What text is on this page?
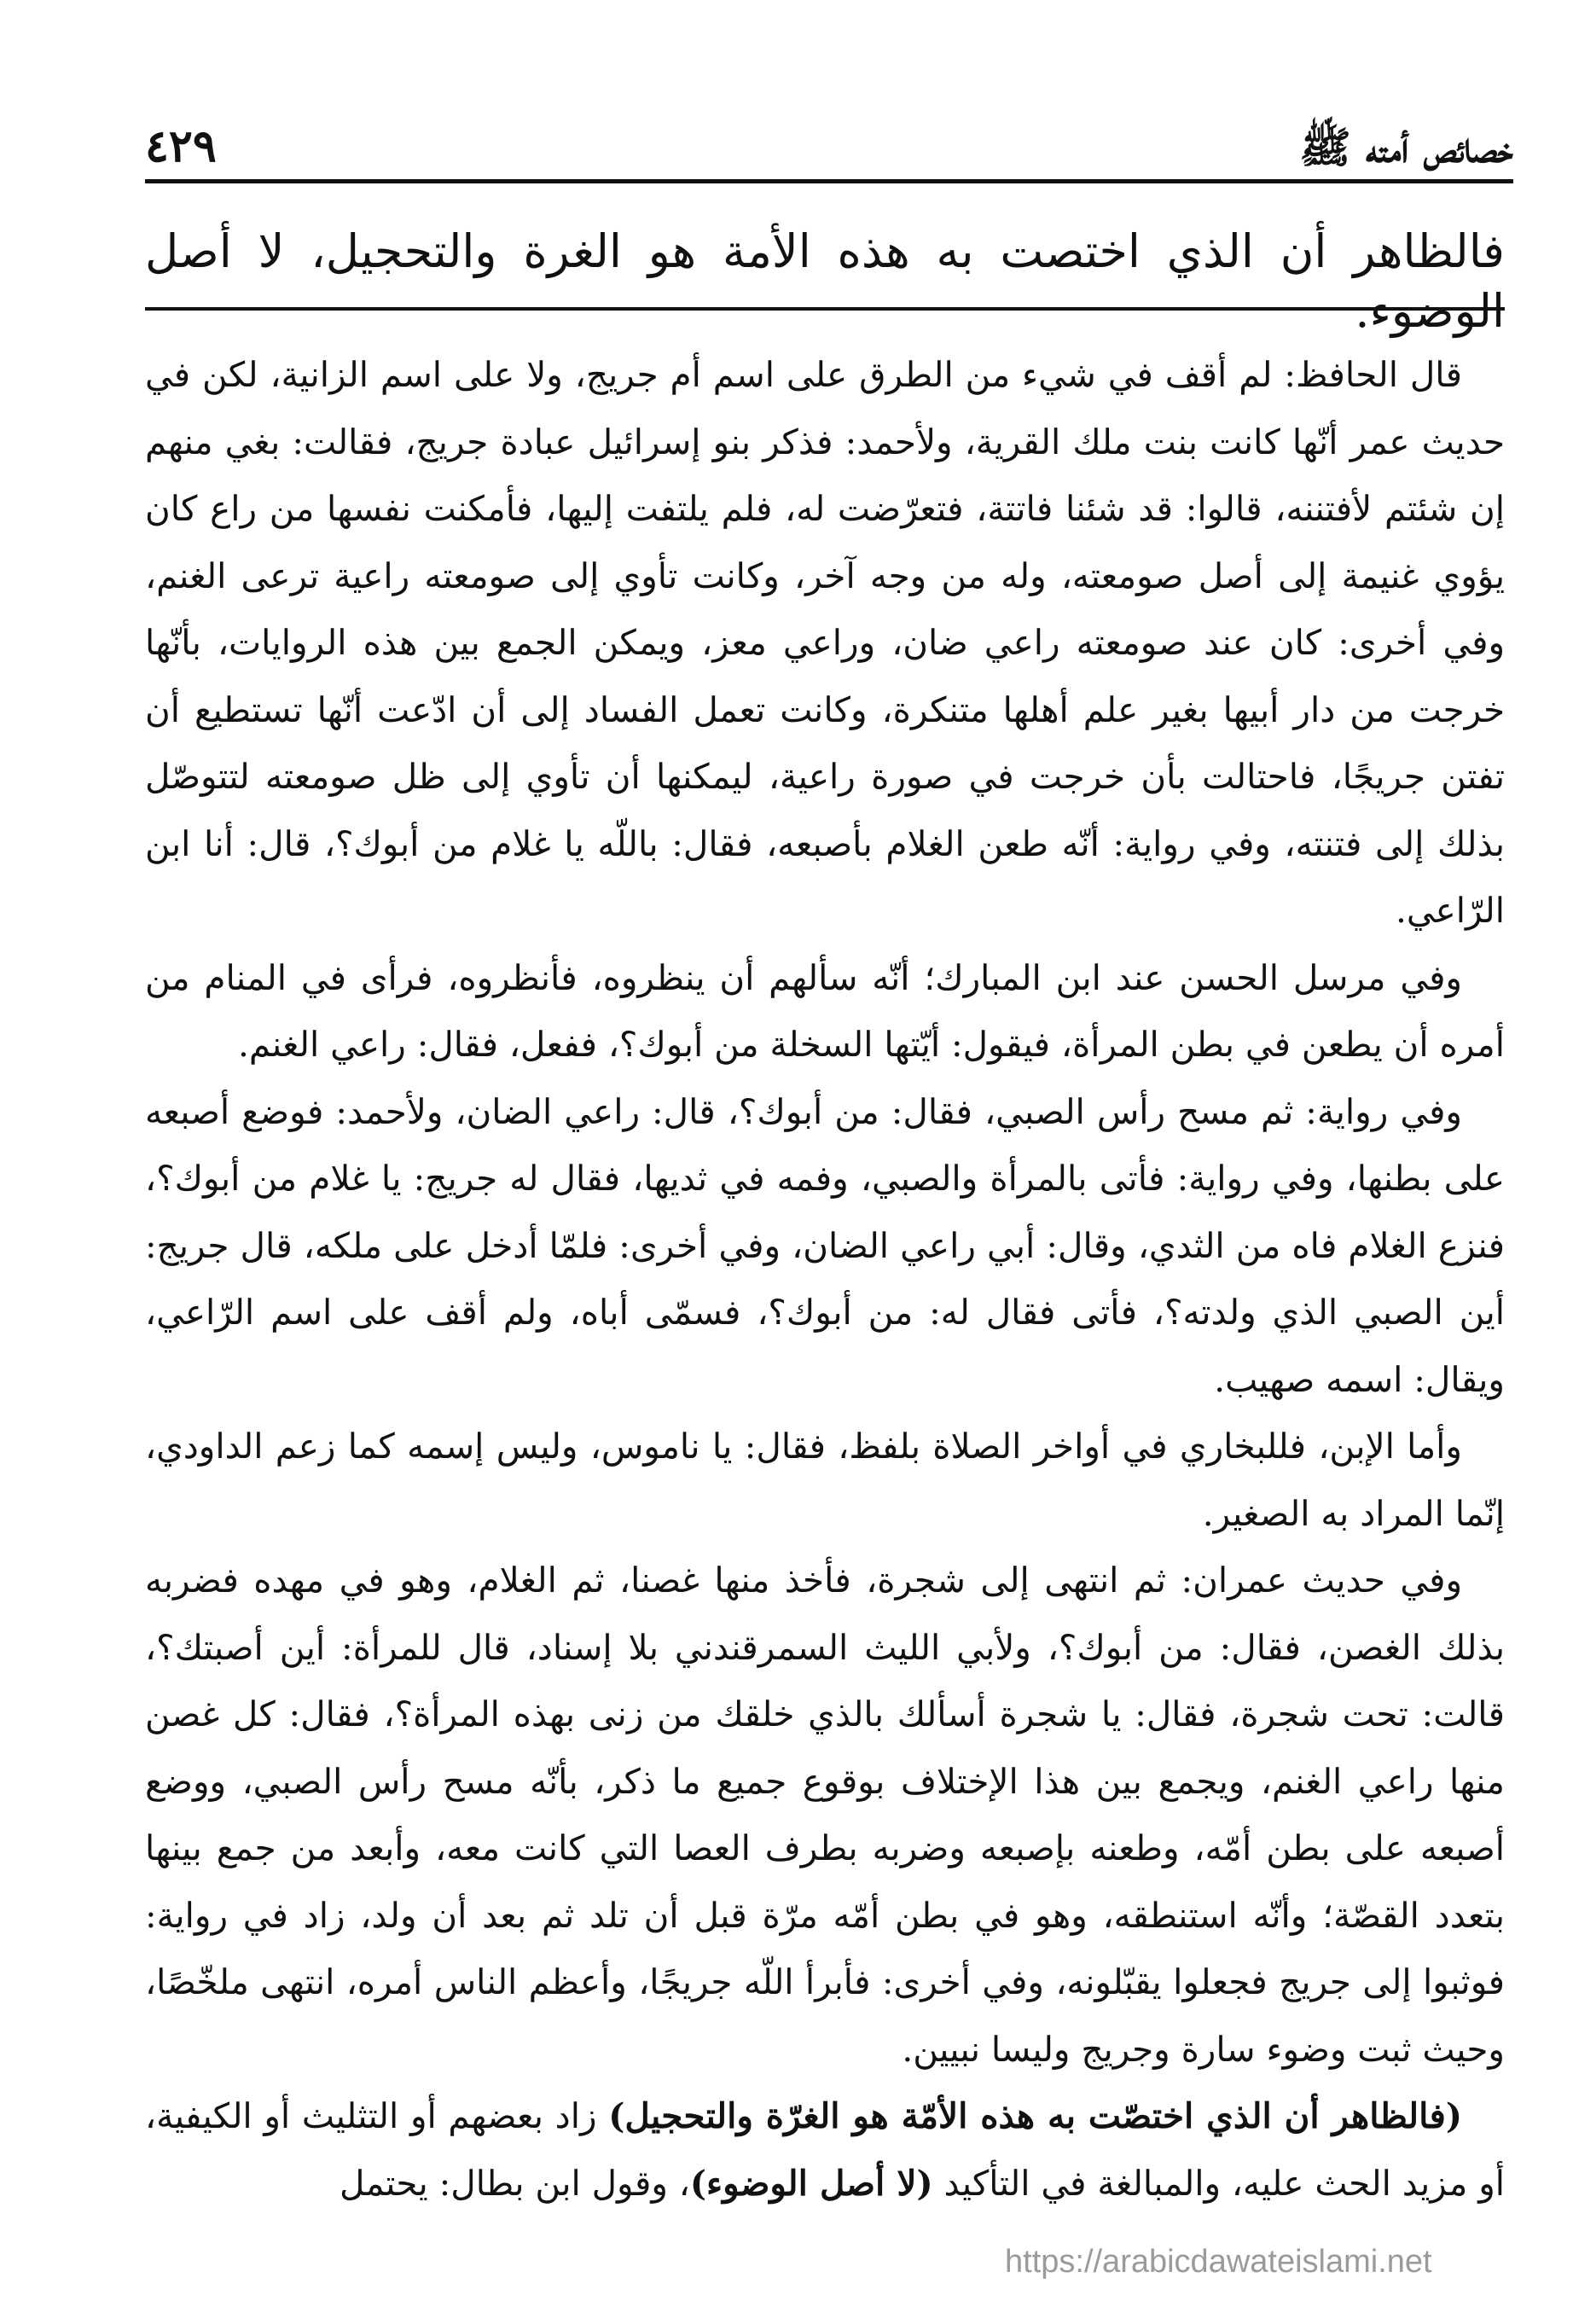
خصائص أمته ﷺ
٤٢٩
فالظاهر أن الذي اختصت به هذه الأمة هو الغرة والتحجيل، لا أصل الوضوء.

قال الحافظ: لم أقف في شيء من الطرق على اسم أم جريج، ولا على اسم الزانية، لكن في حديث عمر أنّها كانت بنت ملك القرية، ولأحمد: فذكر بنو إسرائيل عبادة جريج، فقالت: بغي منهم إن شئتم لأفتننه، قالوا: قد شئنا فاتتة، فتعرّضت له، فلم يلتفت إليها، فأمكنت نفسها من راع كان يؤوي غنيمة إلى أصل صومعته، وله من وجه آخر، وكانت تأوي إلى صومعته راعية ترعى الغنم، وفي أخرى: كان عند صومعته راعي ضان، وراعي معز، ويمكن الجمع بين هذه الروايات، بأنّها خرجت من دار أبيها بغير علم أهلها متنكرة، وكانت تعمل الفساد إلى أن ادّعت أنّها تستطيع أن تفتن جريجًا، فاحتالت بأن خرجت في صورة راعية، ليمكنها أن تأوي إلى ظل صومعته لتتوصّل بذلك إلى فتنته، وفي رواية: أنّه طعن الغلام بأصبعه، فقال: باللّه يا غلام من أبوك؟، قال: أنا ابن الرّاعي.

وفي مرسل الحسن عند ابن المبارك؛ أنّه سألهم أن ينظروه، فأنظروه، فرأى في المنام من أمره أن يطعن في بطن المرأة، فيقول: أيّتها السخلة من أبوك؟، ففعل، فقال: راعي الغنم.

وفي رواية: ثم مسح رأس الصبي، فقال: من أبوك؟، قال: راعي الضان، ولأحمد: فوضع أصبعه على بطنها، وفي رواية: فأتى بالمرأة والصبي، وفمه في ثديها، فقال له جريج: يا غلام من أبوك؟، فنزع الغلام فاه من الثدي، وقال: أبي راعي الضان، وفي أخرى: فلمّا أدخل على ملكه، قال جريج: أين الصبي الذي ولدته؟، فأتى فقال له: من أبوك؟، فسمّى أباه، ولم أقف على اسم الرّاعي، ويقال: اسمه صهيب.

وأما الإبن، فللبخاري في أواخر الصلاة بلفظ، فقال: يا ناموس، وليس إسمه كما زعم الداودي، إنّما المراد به الصغير.

وفي حديث عمران: ثم انتهى إلى شجرة، فأخذ منها غصنا، ثم الغلام، وهو في مهده فضربه بذلك الغصن، فقال: من أبوك؟، ولأبي الليث السمرقندني بلا إسناد، قال للمرأة: أين أصبتك؟، قالت: تحت شجرة، فقال: يا شجرة أسألك بالذي خلقك من زنى بهذه المرأة؟، فقال: كل غصن منها راعي الغنم، ويجمع بين هذا الإختلاف بوقوع جميع ما ذكر، بأنّه مسح رأس الصبي، ووضع أصبعه على بطن أمّه، وطعنه بإصبعه وضربه بطرف العصا التي كانت معه، وأبعد من جمع بينها بتعدد القصّة؛ وأنّه استنطقه، وهو في بطن أمّه مرّة قبل أن تلد ثم بعد أن ولد، زاد في رواية: فوثبوا إلى جريج فجعلوا يقبّلونه، وفي أخرى: فأبرأ اللّه جريجًا، وأعظم الناس أمره، انتهى ملخّصًا، وحيث ثبت وضوء سارة وجريج وليسا نبيين.

(فالظاهر أن الذي اختصّت به هذه الأمّة هو الغرّة والتحجيل) زاد بعضهم أو التثليث أو الكيفية، أو مزيد الحث عليه، والمبالغة في التأكيد (لا أصل الوضوء)، وقول ابن بطال: يحتمل

https://arabicdawateislami.net
